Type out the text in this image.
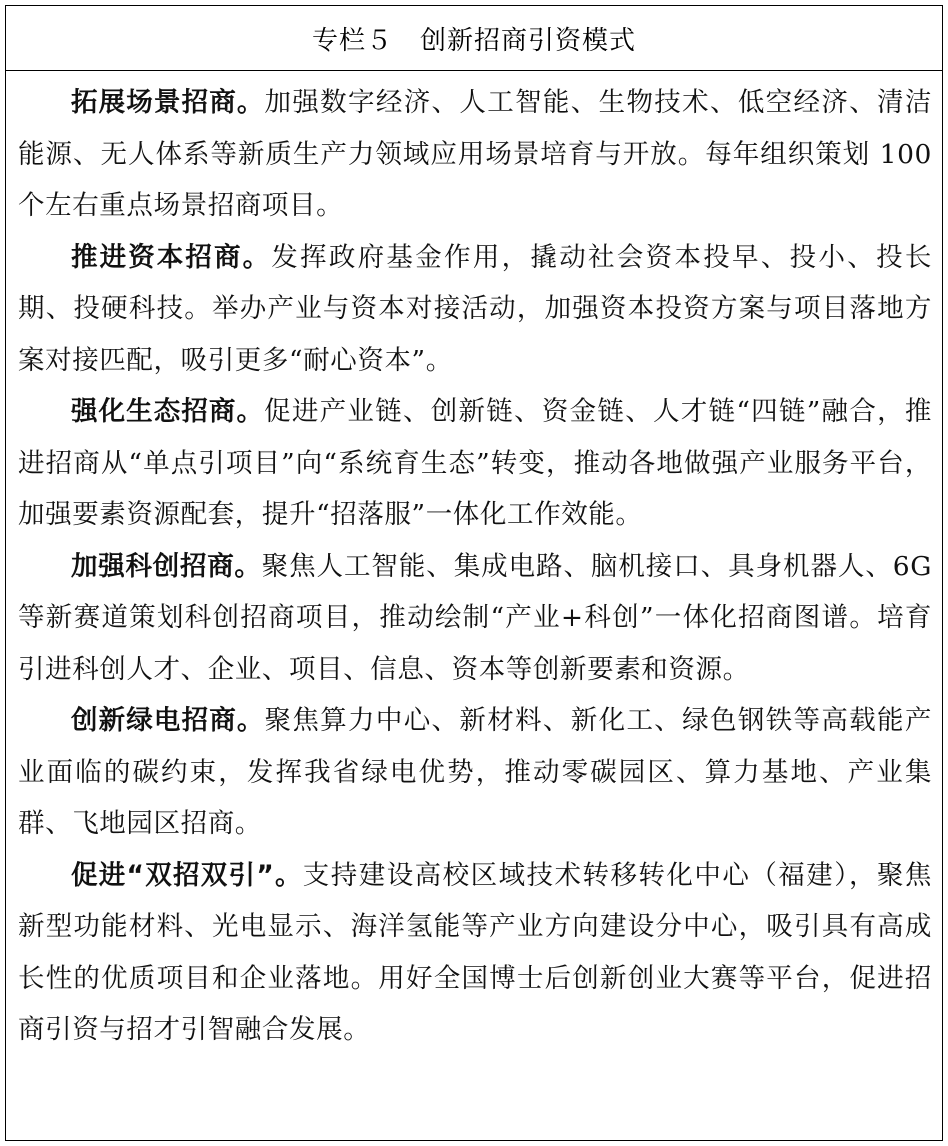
专栏５　创新招商引资模式

拓展场景招商。加强数字经济、人工智能、生物技术、低空经济、清洁能源、无人体系等新质生产力领域应用场景培育与开放。每年组织策划 100 个左右重点场景招商项目。

推进资本招商。发挥政府基金作用，撬动社会资本投早、投小、投长期、投硬科技。举办产业与资本对接活动，加强资本投资方案与项目落地方案对接匹配，吸引更多“耐心资本”。

强化生态招商。促进产业链、创新链、资金链、人才链“四链”融合，推进招商从“单点引项目”向“系统育生态”转变，推动各地做强产业服务平台，加强要素资源配套，提升“招落服”一体化工作效能。

加强科创招商。聚焦人工智能、集成电路、脑机接口、具身机器人、6G 等新赛道策划科创招商项目，推动绘制“产业+科创”一体化招商图谱。培育引进科创人才、企业、项目、信息、资本等创新要素和资源。

创新绿电招商。聚焦算力中心、新材料、新化工、绿色钢铁等高载能产业面临的碳约束，发挥我省绿电优势，推动零碳园区、算力基地、产业集群、飞地园区招商。

促进“双招双引”。支持建设高校区域技术转移转化中心（福建），聚焦新型功能材料、光电显示、海洋氢能等产业方向建设分中心，吸引具有高成长性的优质项目和企业落地。用好全国博士后创新创业大赛等平台，促进招商引资与招才引智融合发展。
